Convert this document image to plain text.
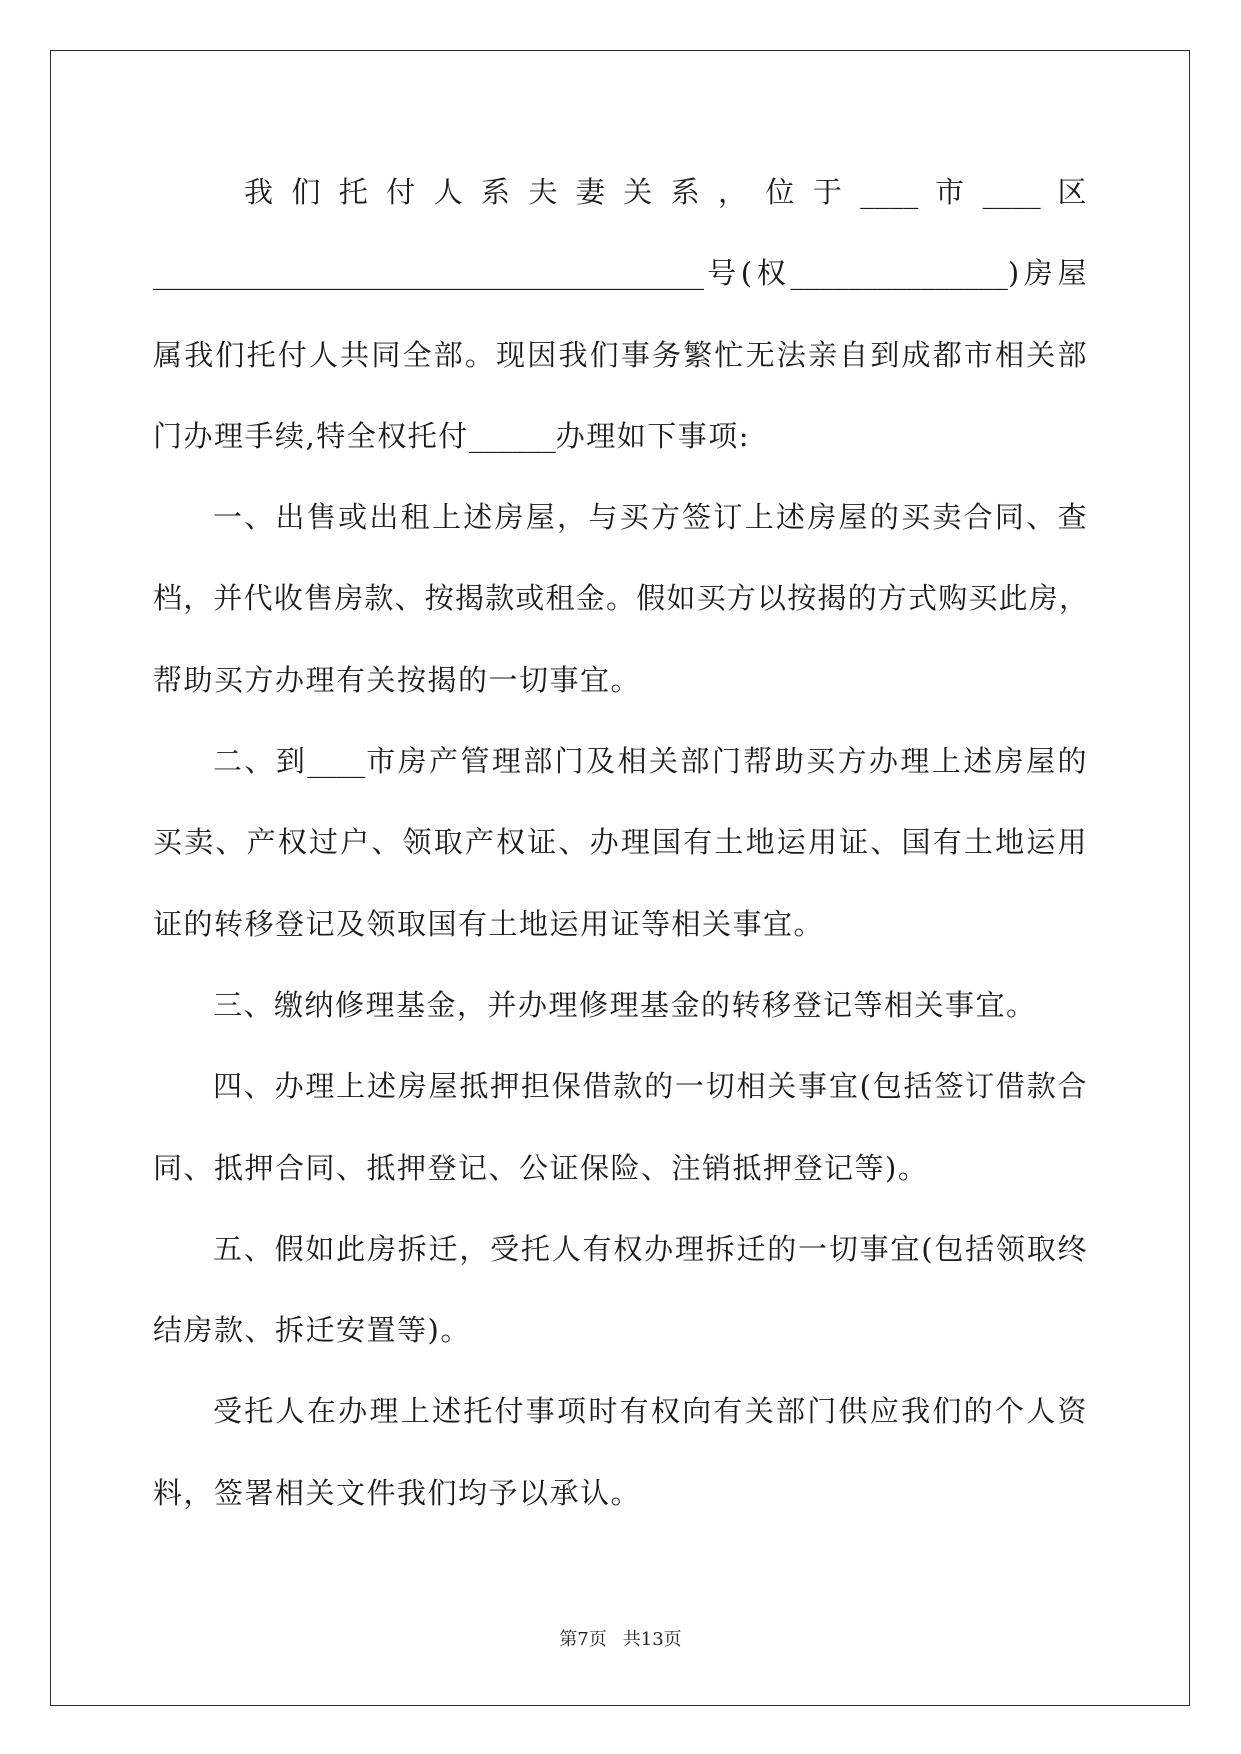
我们托付人系夫妻关系，位于____市____区
______________________________________号(权_______________)房屋
属我们托付人共同全部。现因我们事务繁忙无法亲自到成都市相关部
门办理手续,特全权托付______办理如下事项:
一、出售或出租上述房屋，与买方签订上述房屋的买卖合同、查
档，并代收售房款、按揭款或租金。假如买方以按揭的方式购买此房，
帮助买方办理有关按揭的一切事宜。
二、到____市房产管理部门及相关部门帮助买方办理上述房屋的
买卖、产权过户、领取产权证、办理国有土地运用证、国有土地运用
证的转移登记及领取国有土地运用证等相关事宜。
三、缴纳修理基金，并办理修理基金的转移登记等相关事宜。
四、办理上述房屋抵押担保借款的一切相关事宜(包括签订借款合
同、抵押合同、抵押登记、公证保险、注销抵押登记等)。
五、假如此房拆迁，受托人有权办理拆迁的一切事宜(包括领取终
结房款、拆迁安置等)。
受托人在办理上述托付事项时有权向有关部门供应我们的个人资
料，签署相关文件我们均予以承认。
第7页 共13页
